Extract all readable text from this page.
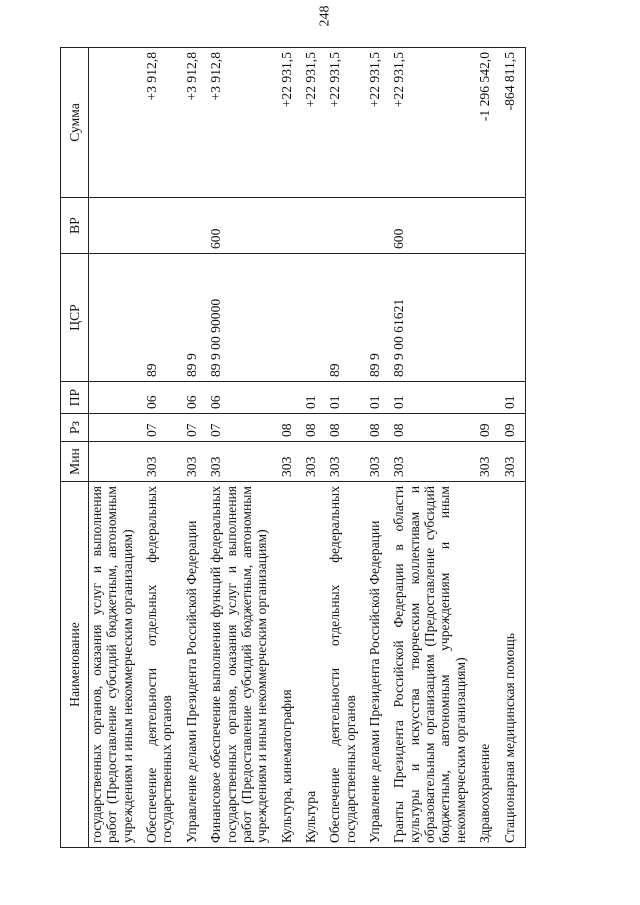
248
Наименование	Мин	Рз	ПР	ЦСР	ВР	Сумма
государственных органов, оказания услуг и выполнения работ (Предоставление субсидий бюджетным, автономным учреждениям и иным некоммерческим организациям)						
Обеспечение деятельности отдельных федеральных государственных органов	303	07	06	89		+3 912,8
Управление делами Президента Российской Федерации	303	07	06	89 9		+3 912,8
Финансовое обеспечение выполнения функций федеральных государственных органов, оказания услуг и выполнения работ (Предоставление субсидий бюджетным, автономным учреждениям и иным некоммерческим организациям)	303	07	06	89 9 00 90000	600	+3 912,8
Культура, кинематография	303	08				+22 931,5
Культура	303	08	01			+22 931,5
Обеспечение деятельности отдельных федеральных государственных органов	303	08	01	89		+22 931,5
Управление делами Президента Российской Федерации	303	08	01	89 9		+22 931,5
Гранты Президента Российской Федерации в области культуры и искусства творческим коллективам и образовательным организациям (Предоставление субсидий бюджетным, автономным учреждениям и иным некоммерческим организациям)	303	08	01	89 9 00 61621	600	+22 931,5
Здравоохранение	303	09				-1 296 542,0
Стационарная медицинская помощь	303	09	01			-864 811,5
